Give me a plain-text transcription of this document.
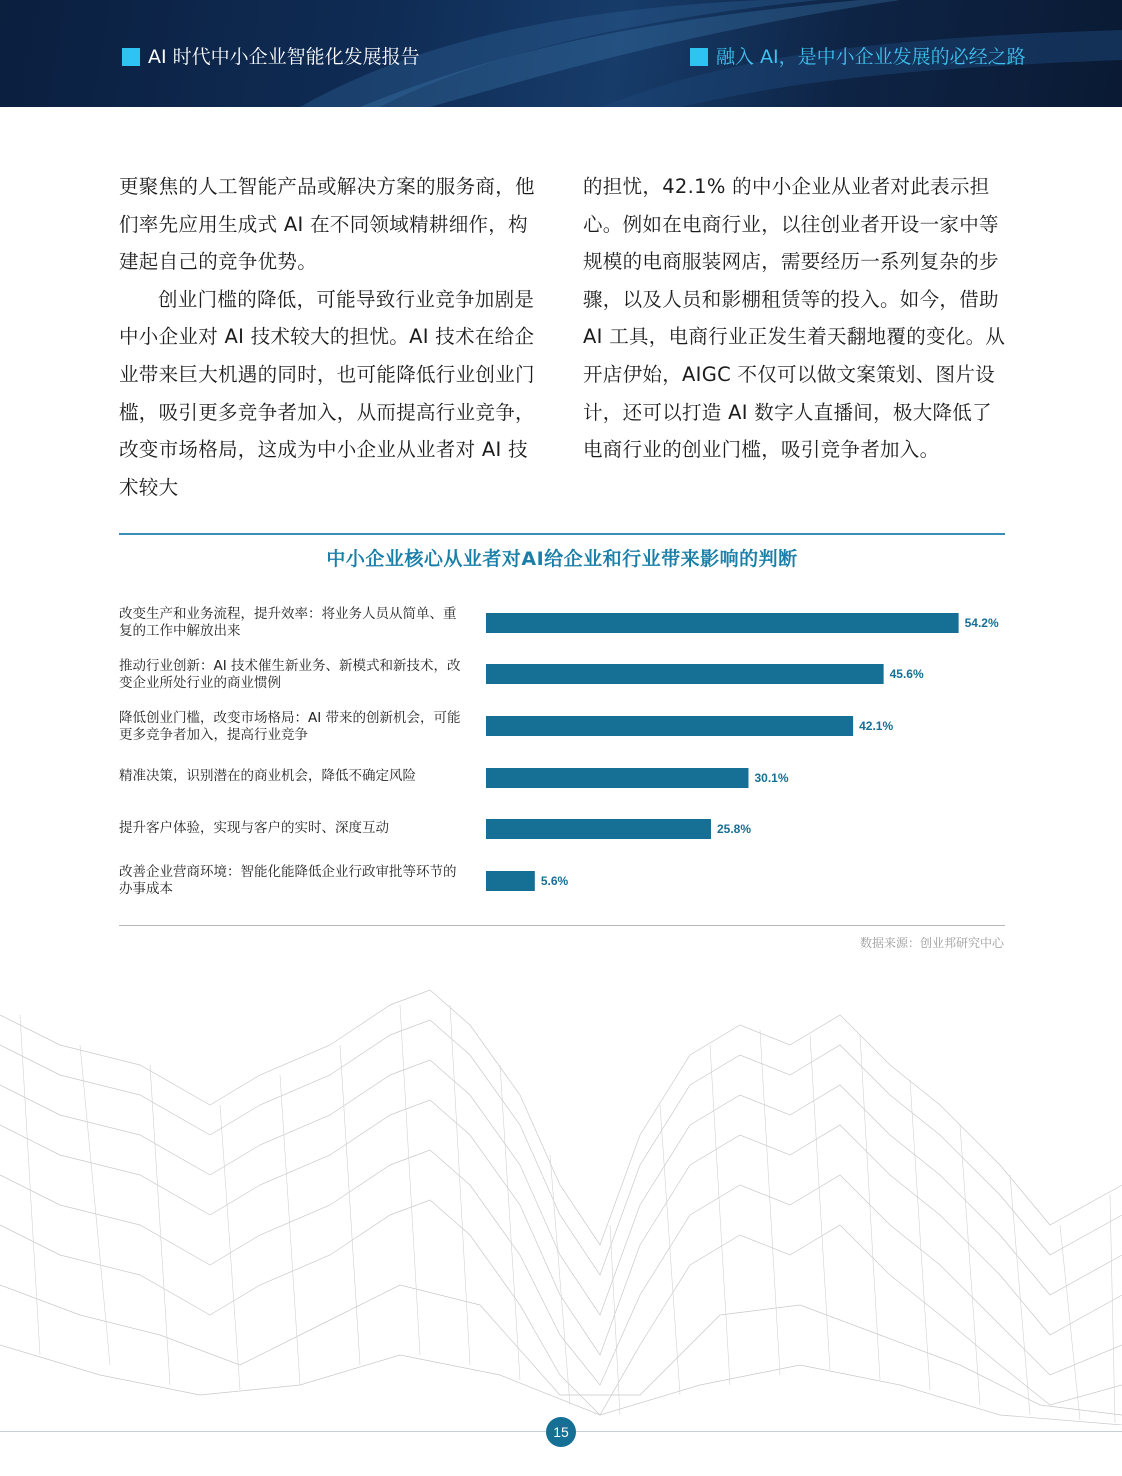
AI 时代中小企业智能化发展报告	融入 AI，是中小企业发展的必经之路

更聚焦的人工智能产品或解决方案的服务商，他们率先应用生成式 AI 在不同领域精耕细作，构建起自己的竞争优势。

创业门槛的降低，可能导致行业竞争加剧是中小企业对 AI 技术较大的担忧。AI 技术在给企业带来巨大机遇的同时，也可能降低行业创业门槛，吸引更多竞争者加入，从而提高行业竞争，改变市场格局，这成为中小企业从业者对 AI 技术较大

的担忧，42.1% 的中小企业从业者对此表示担心。例如在电商行业，以往创业者开设一家中等规模的电商服装网店，需要经历一系列复杂的步骤，以及人员和影棚租赁等的投入。如今，借助 AI 工具，电商行业正发生着天翻地覆的变化。从开店伊始，AIGC 不仅可以做文案策划、图片设计，还可以打造 AI 数字人直播间，极大降低了电商行业的创业门槛，吸引竞争者加入。

中小企业核心从业者对AI给企业和行业带来影响的判断
改变生产和业务流程，提升效率：将业务人员从简单、重复的工作中解放出来
推动行业创新：AI 技术催生新业务、新模式和新技术，改变企业所处行业的商业惯例
降低创业门槛，改变市场格局：AI 带来的创新机会，可能更多竞争者加入，提高行业竞争
精准决策，识别潜在的商业机会，降低不确定风险
提升客户体验，实现与客户的实时、深度互动
改善企业营商环境：智能化能降低企业行政审批等环节的办事成本
54.2%
45.6%
42.1%
30.1%
25.8%
5.6%
数据来源：创业邦研究中心
15
